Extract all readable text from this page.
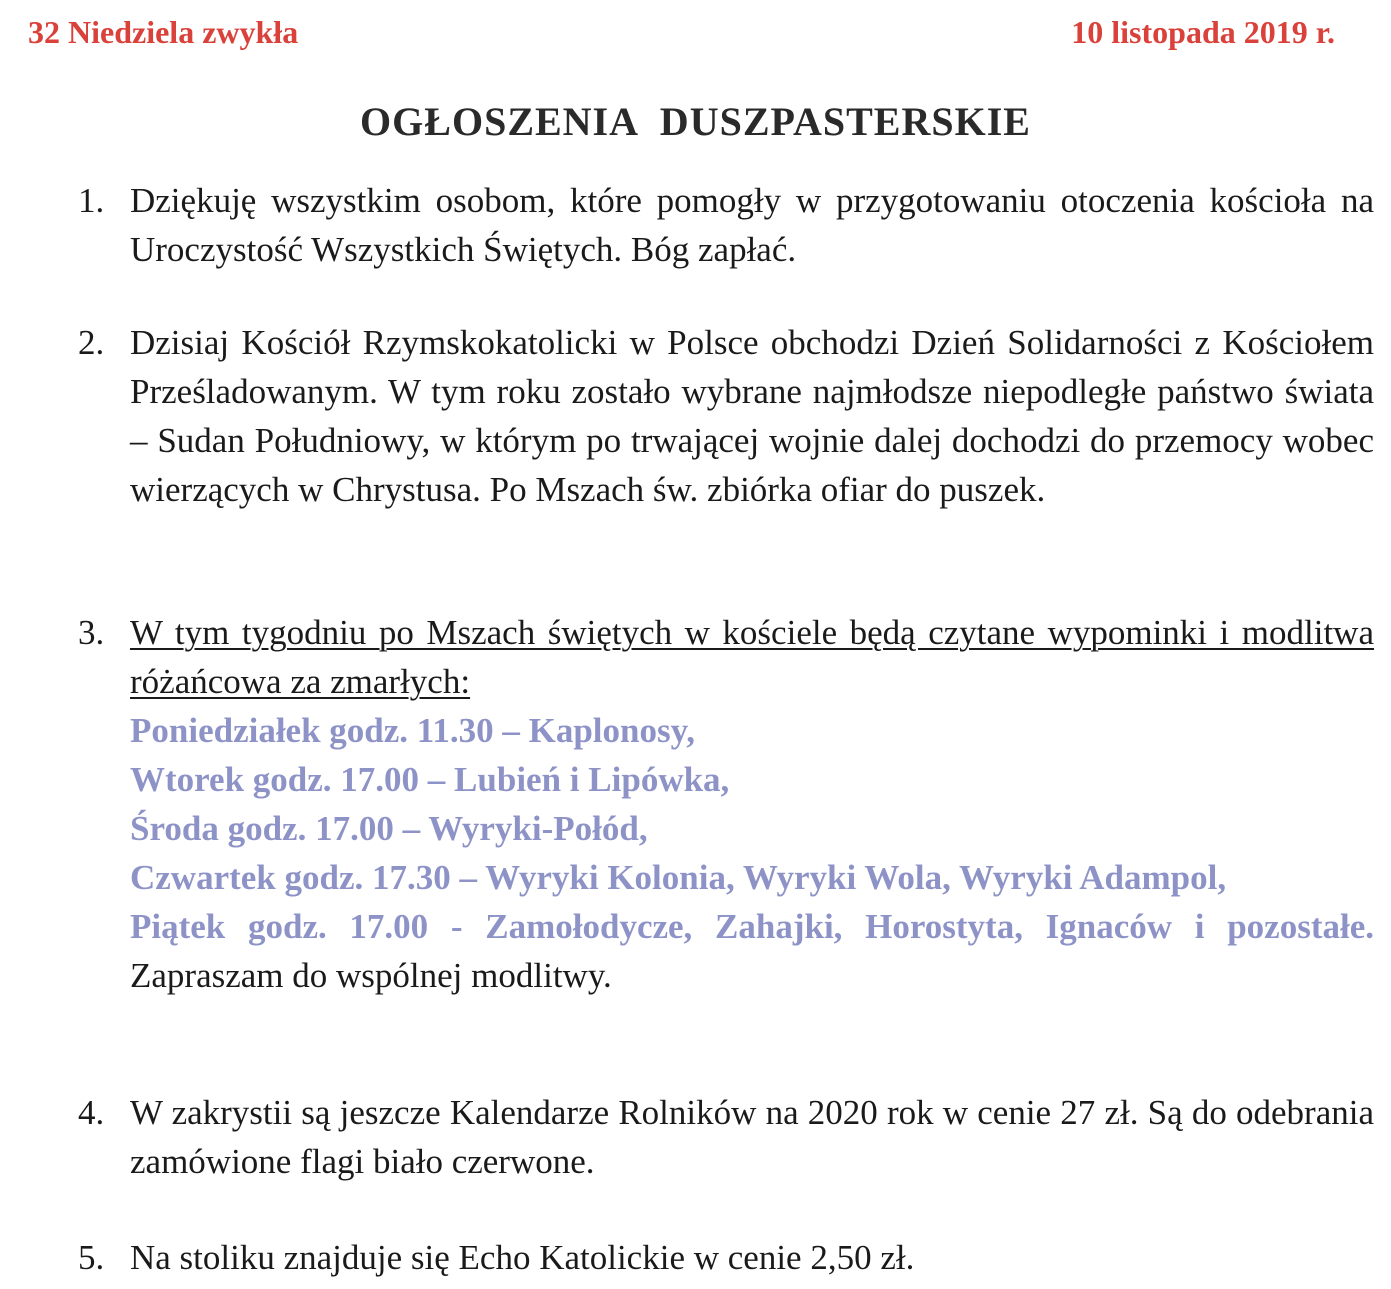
32 Niedziela zwykła	10 listopada 2019 r.
OGŁOSZENIA DUSZPASTERSKIE
1. Dziękuję wszystkim osobom, które pomogły w przygotowaniu otoczenia kościoła na Uroczystość Wszystkich Świętych. Bóg zapłać.
2. Dzisiaj Kościół Rzymskokatolicki w Polsce obchodzi Dzień Solidarności z Kościołem Prześladowanym. W tym roku zostało wybrane najmłodsze niepodległe państwo świata – Sudan Południowy, w którym po trwającej wojnie dalej dochodzi do przemocy wobec wierzących w Chrystusa. Po Mszach św. zbiórka ofiar do puszek.
3. W tym tygodniu po Mszach świętych w kościele będą czytane wypominki i modlitwa różańcowa za zmarłych:
Poniedziałek godz. 11.30 – Kaplonosy,
Wtorek godz. 17.00 – Lubień i Lipówka,
Środa godz. 17.00 – Wyryki-Połód,
Czwartek godz. 17.30 – Wyryki Kolonia, Wyryki Wola, Wyryki Adampol,
Piątek godz. 17.00 - Zamołodycze, Zahajki, Horostyta, Ignaców i pozostałe. Zapraszam do wspólnej modlitwy.
4. W zakrystii są jeszcze Kalendarze Rolników na 2020 rok w cenie 27 zł. Są do odebrania zamówione flagi biało czerwone.
5. Na stoliku znajduje się Echo Katolickie w cenie 2,50 zł.
